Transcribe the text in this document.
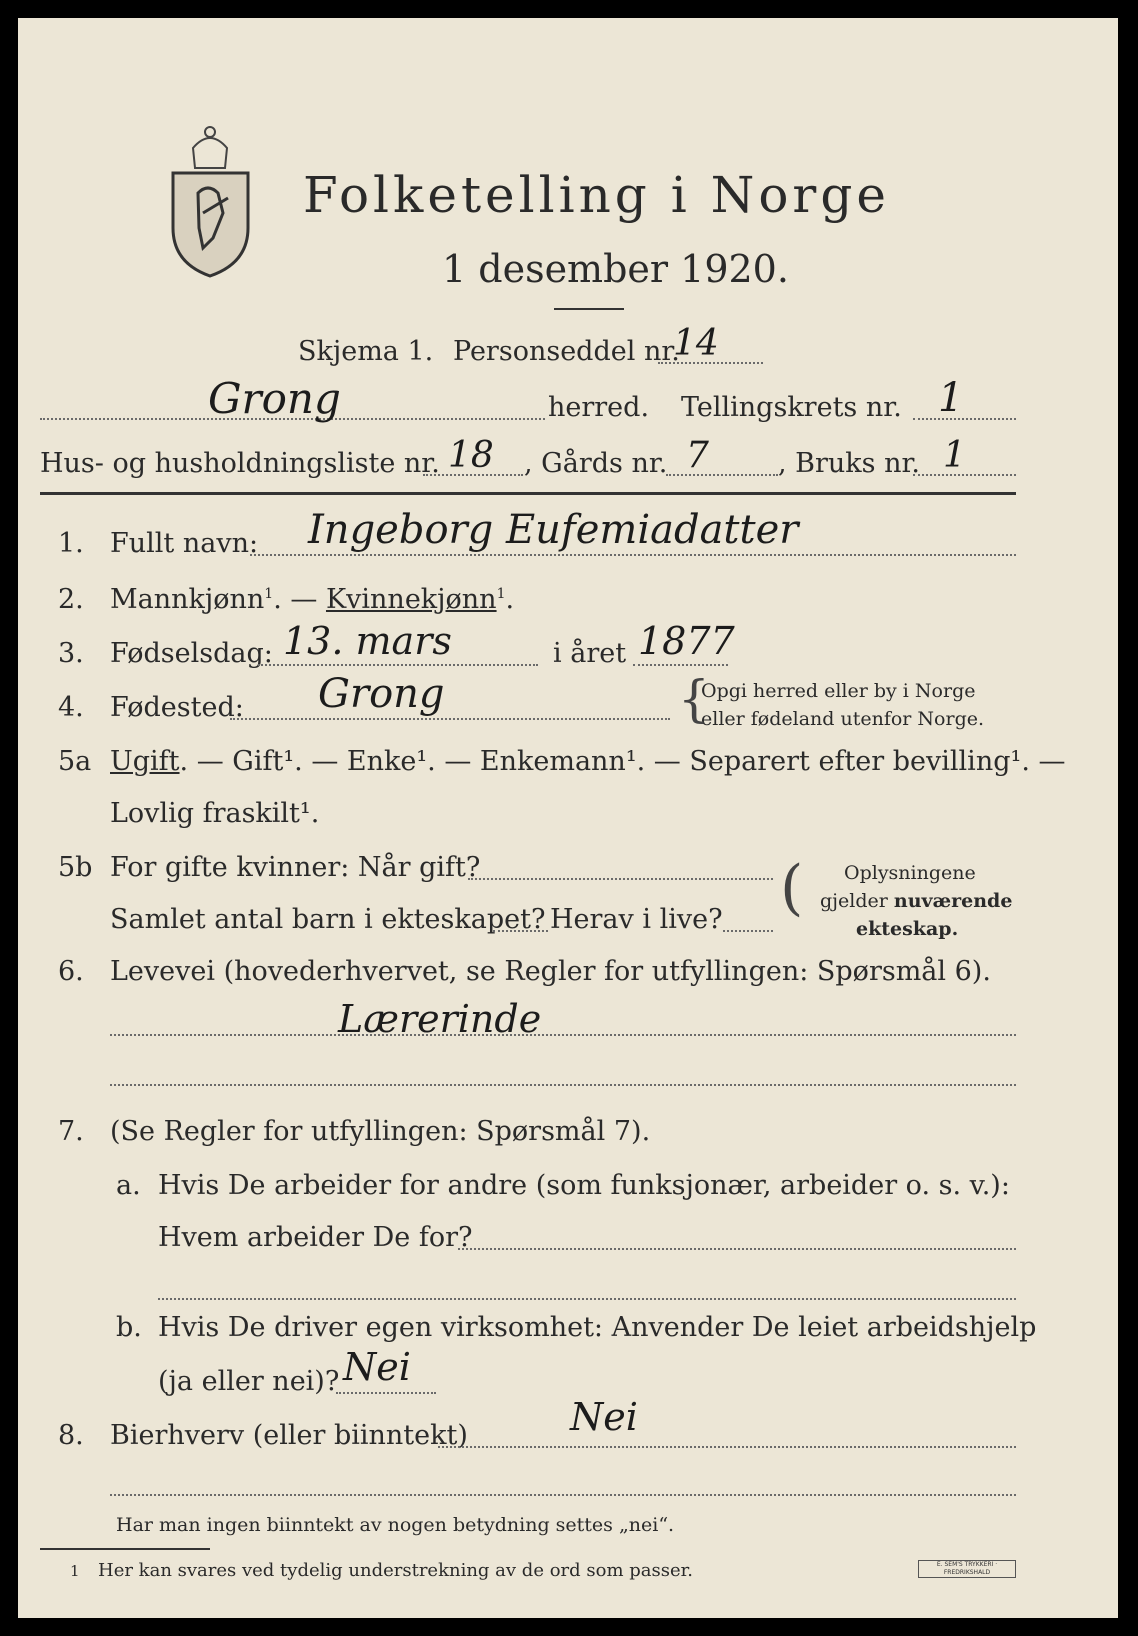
Folketelling i Norge
1 desember 1920.
Skjema 1. Personseddel nr.
14
Grong	herred. Tellingskrets nr. 1
Hus- og husholdningsliste nr. 18 , Gårds nr. 7	, Bruks nr. 1
1. Fullt navn: Ingeborg Eufemiadatter
2. Mannkjønn$^1$. — Kvinnekjønn$^1$.
3. Fødselsdag: 13. mars	i året 1877
4. Fødested: Grong	Opgi herred eller by i Norge
eller fødeland utenfor Norge.
{
5a Ugift. — Gift¹. — Enke¹. — Enkemann¹. — Separert efter bevilling¹. —
Lovlig fraskilt¹.
5b For gifte kvinner: Når gift?
Samlet antal barn i ekteskapet? Herav i live? ( Oplysningene
gjelder nuværende
ekteskap.
6. Levevei (hovederhvervet, se Regler for utfyllingen: Spørsmål 6).
Lærerinde
7. (Se Regler for utfyllingen: Spørsmål 7).
a. Hvis De arbeider for andre (som funksjonær, arbeider o. s. v.):
Hvem arbeider De for?
b. Hvis De driver egen virksomhet: Anvender De leiet arbeidshjelp
(ja eller nei)? Nei
8. Bierhverv (eller biinntekt)	Nei
Har man ingen biinntekt av nogen betydning settes „nei“.
1 Her kan svares ved tydelig understrekning av de ord som passer.	E. SEM'S TRYKKERI · FREDRIKSHALD
